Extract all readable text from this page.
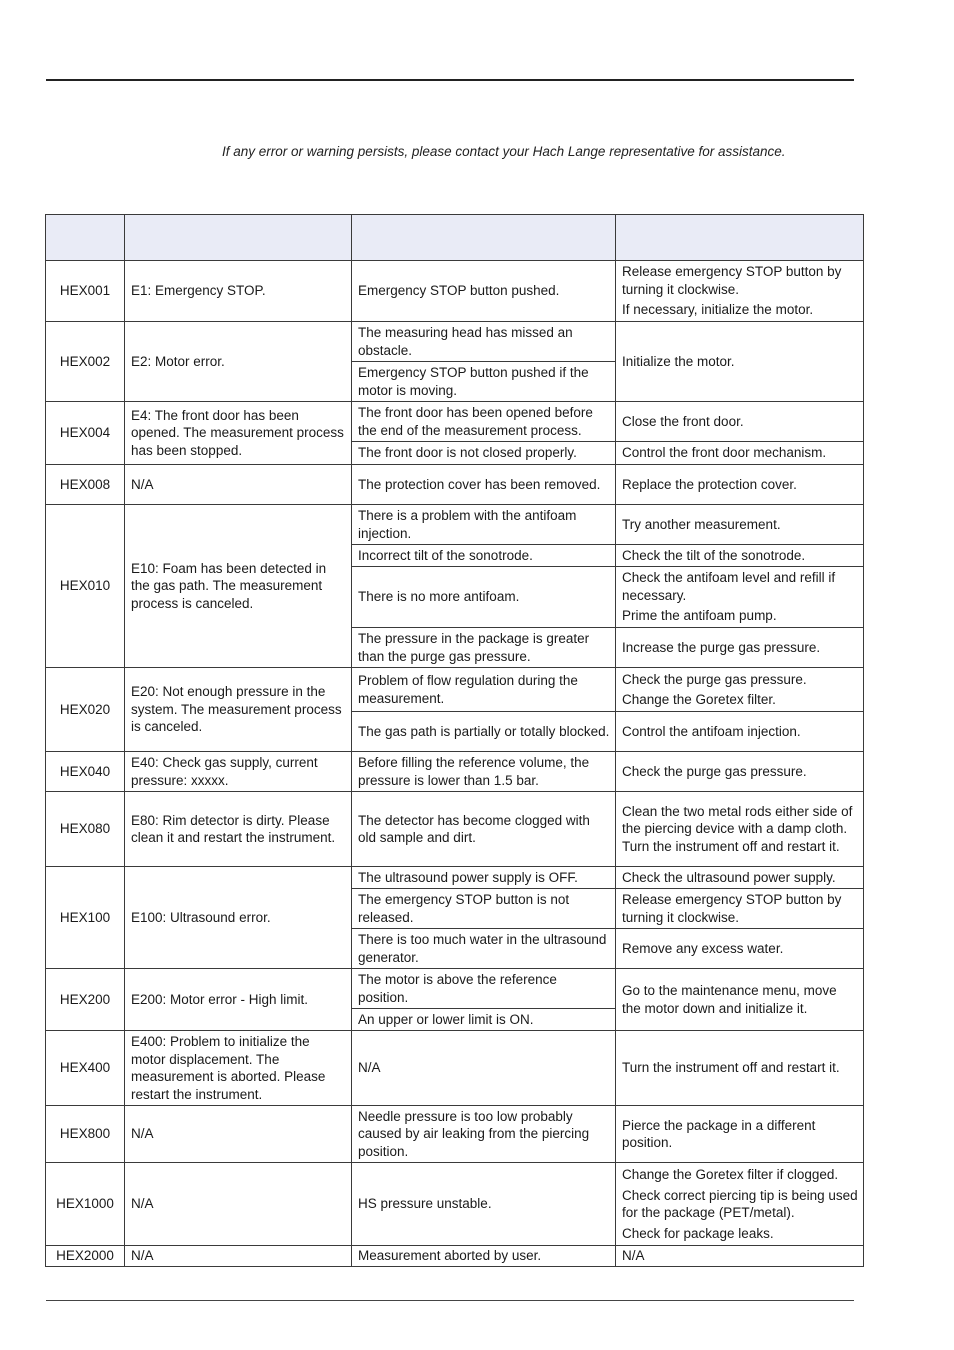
If any error or warning persists, please contact your Hach Lange representative for assistance.

HEX001	E1: Emergency STOP.	Emergency STOP button pushed.	Release emergency STOP button by turning it clockwise.
If necessary, initialize the motor.

HEX002	E2: Motor error.	The measuring head has missed an obstacle.	Initialize the motor.

		Emergency STOP button pushed if the motor is moving.	
HEX004	E4: The front door has been opened. The measurement process has been stopped.	The front door has been opened before the end of the measurement process.	Close the front door.

		The front door is not closed properly.	Control the front door mechanism.

HEX008	N/A	The protection cover has been removed.	Replace the protection cover.

HEX010	E10: Foam has been detected in the gas path. The measurement process is canceled.	There is a problem with the antifoam injection.	Try another measurement.

		Incorrect tilt of the sonotrode.	Check the tilt of the sonotrode.

		There is no more antifoam.	Check the antifoam level and refill if necessary.
Prime the antifoam pump.

		The pressure in the package is greater than the purge gas pressure.	Increase the purge gas pressure.

HEX020	E20: Not enough pressure in the system. The measurement process is canceled.	Problem of flow regulation during the measurement.	Check the purge gas pressure.
Change the Goretex filter.

		The gas path is partially or totally blocked.	Control the antifoam injection.

HEX040	E40: Check gas supply, current pressure: xxxxx.	Before filling the reference volume, the pressure is lower than 1.5 bar.	Check the purge gas pressure.

HEX080	E80: Rim detector is dirty. Please clean it and restart the instrument.	The detector has become clogged with old sample and dirt.	Clean the two metal rods either side of the piercing device with a damp cloth. Turn the instrument off and restart it.

HEX100	E100: Ultrasound error.	The ultrasound power supply is OFF.	Check the ultrasound power supply.

		The emergency STOP button is not released.	Release emergency STOP button by turning it clockwise.

		There is too much water in the ultrasound generator.	Remove any excess water.

HEX200	E200: Motor error - High limit.	The motor is above the reference position.	Go to the maintenance menu, move the motor down and initialize it.

		An upper or lower limit is ON.	
HEX400	E400: Problem to initialize the motor displacement. The measurement is aborted. Please restart the instrument.	N/A	Turn the instrument off and restart it.

HEX800	N/A	Needle pressure is too low probably caused by air leaking from the piercing position.	Pierce the package in a different position.

HEX1000	N/A	HS pressure unstable.	Change the Goretex filter if clogged.
Check correct piercing tip is being used for the package (PET/metal).
Check for package leaks.

HEX2000	N/A	Measurement aborted by user.	N/A
